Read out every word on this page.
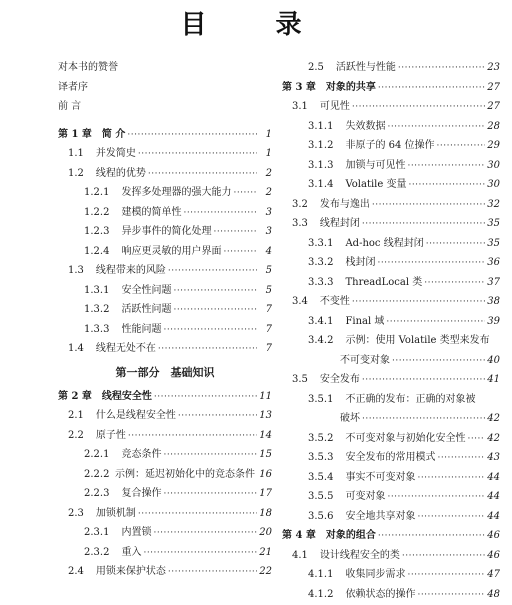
目 录
对本书的赞誉
译者序
前 言
第 1 章 简 介 ·····	1
1.1 并发简史 ·····	1
1.2 线程的优势 ·····	2
1.2.1 发挥多处理器的强大能力 ·····	2
1.2.2 建模的简单性 ·····	3
1.2.3 异步事件的简化处理 ·····	3
1.2.4 响应更灵敏的用户界面 ·····	4
1.3 线程带来的风险 ·····	5
1.3.1 安全性问题 ·····	5
1.3.2 活跃性问题 ·····	7
1.3.3 性能问题 ·····	7
1.4 线程无处不在 ·····	7
第一部分　基础知识
第 2 章 线程安全性 ·····	11
2.1 什么是线程安全性 ·····	13
2.2 原子性 ·····	14
2.2.1 竞态条件 ·····	15
2.2.2 示例：延迟初始化中的竞态条件 16
2.2.3 复合操作 ·····	17
2.3 加锁机制 ·····	18
2.3.1 内置锁 ·····	20
2.3.2 重入 ·····	21
2.4 用锁来保护状态 ·····	22
2.5 活跃性与性能 ·····	23
第 3 章 对象的共享 ·····	27
3.1 可见性 ·····	27
3.1.1 失效数据 ·····	28
3.1.2 非原子的 64 位操作 ·····	29
3.1.3 加锁与可见性 ·····	30
3.1.4 Volatile 变量 ·····	30
3.2 发布与逸出 ·····	32
3.3 线程封闭 ·····	35
3.3.1 Ad-hoc 线程封闭 ·····	35
3.3.2 栈封闭 ·····	36
3.3.3 ThreadLocal 类 ·····	37
3.4 不变性 ·····	38
3.4.1 Final 域 ·····	39
3.4.2 示例：使用 Volatile 类型来发布
不可变对象 ·····	40
3.5 安全发布 ·····	41
3.5.1 不正确的发布：正确的对象被
破坏 ·····	42
3.5.2 不可变对象与初始化安全性 ····· 42
3.5.3 安全发布的常用模式 ·····	43
3.5.4 事实不可变对象 ·····	44
3.5.5 可变对象 ·····	44
3.5.6 安全地共享对象 ·····	44
第 4 章 对象的组合 ·····	46
4.1 设计线程安全的类 ·····	46
4.1.1 收集同步需求 ·····	47
4.1.2 依赖状态的操作 ·····	48
